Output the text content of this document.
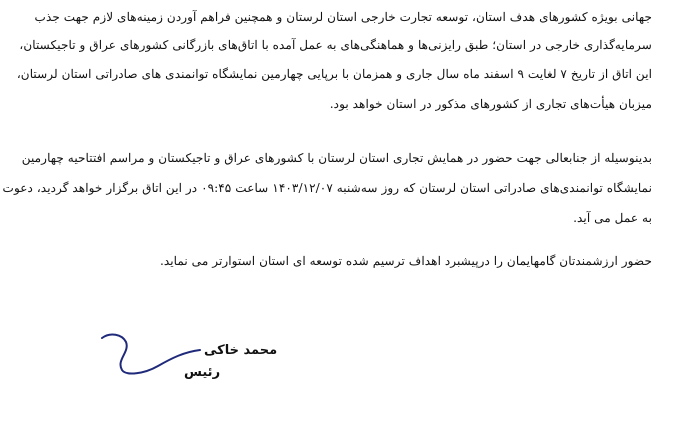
جهانی بویژه کشورهای هدف استان، توسعه تجارت خارجی استان لرستان و همچنین فراهم آوردن زمینه‌های لازم جهت جذب
سرمایه‌گذاری خارجی در استان؛ طبق رایزنی‌ها و هماهنگی‌های به عمل آمده با اتاق‌های بازرگانی کشورهای عراق و تاجیکستان،
این اتاق از تاریخ ۷ لغایت ۹ اسفند ماه سال جاری و همزمان با برپایی چهارمین نمایشگاه توانمندی های صادراتی استان لرستان،
میزبان هیأت‌های تجاری از کشورهای مذکور در استان خواهد بود.
بدینوسیله از جنابعالی جهت حضور در همایش تجاری استان لرستان با کشورهای عراق و تاجیکستان و مراسم افتتاحیه چهارمین
نمایشگاه توانمندی‌های صادراتی استان لرستان که روز سه‌شنبه ۱۴۰۳/۱۲/۰۷ ساعت ۰۹:۴۵ در این اتاق برگزار خواهد گردید، دعوت
به عمل می آید.
حضور ارزشمندتان گامهایمان را درپیشبرد اهداف ترسیم شده توسعه ای استان استوارتر می نماید.
محمد خاکی
رئیس
